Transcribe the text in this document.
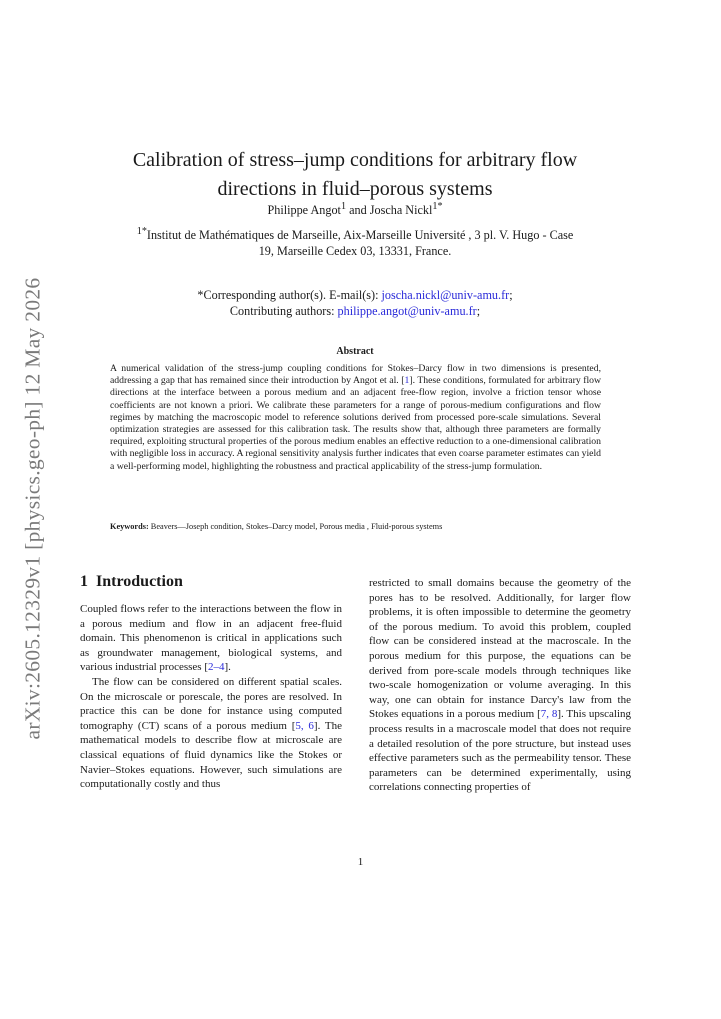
arXiv:2605.12329v1 [physics.geo-ph] 12 May 2026
Calibration of stress–jump conditions for arbitrary flow
directions in fluid–porous systems
Philippe Angot$^1$ and Joscha Nickl$^{1*}$
$^{1*}$Institut de Mathématiques de Marseille, Aix-Marseille Université , 3 pl. V. Hugo - Case
19, Marseille Cedex 03, 13331, France.
*Corresponding author(s). E-mail(s): joscha.nickl@univ-amu.fr;
Contributing authors: philippe.angot@univ-amu.fr;
Abstract
A numerical validation of the stress-jump coupling conditions for Stokes–Darcy flow in two dimensions is presented, addressing a gap that has remained since their introduction by Angot et al. [1]. These conditions, formulated for arbitrary flow directions at the interface between a porous medium and an adjacent free-flow region, involve a friction tensor whose coefficients are not known a priori. We calibrate these parameters for a range of porous-medium configurations and flow regimes by matching the macroscopic model to reference solutions derived from processed pore-scale simulations. Several optimization strategies are assessed for this calibration task. The results show that, although three parameters are formally required, exploiting structural properties of the porous medium enables an effective reduction to a one-dimensional calibration with negligible loss in accuracy. A regional sensitivity analysis further indicates that even coarse parameter estimates can yield a well-performing model, highlighting the robustness and practical applicability of the stress-jump formulation.
Keywords: Beavers—Joseph condition, Stokes–Darcy model, Porous media , Fluid-porous systems
1 Introduction

Coupled flows refer to the interactions between the flow in a porous medium and flow in an adjacent free-fluid domain. This phenomenon is critical in applications such as groundwater management, biological systems, and various industrial processes [2–4].

The flow can be considered on different spatial scales. On the microscale or porescale, the pores are resolved. In practice this can be done for instance using computed tomography (CT) scans of a porous medium [5, 6]. The mathematical models to describe flow at microscale are classical equations of fluid dynamics like the Stokes or Navier–Stokes equations. However, such simulations are computationally costly and thus

restricted to small domains because the geometry of the pores has to be resolved. Additionally, for larger flow problems, it is often impossible to determine the geometry of the porous medium. To avoid this problem, coupled flow can be considered instead at the macroscale. In the porous medium for this purpose, the equations can be derived from pore-scale models through techniques like two-scale homogenization or volume averaging. In this way, one can obtain for instance Darcy's law from the Stokes equations in a porous medium [7, 8]. This upscaling process results in a macroscale model that does not require a detailed resolution of the pore structure, but instead uses effective parameters such as the permeability tensor. These parameters can be determined experimentally, using correlations connecting properties of

1
